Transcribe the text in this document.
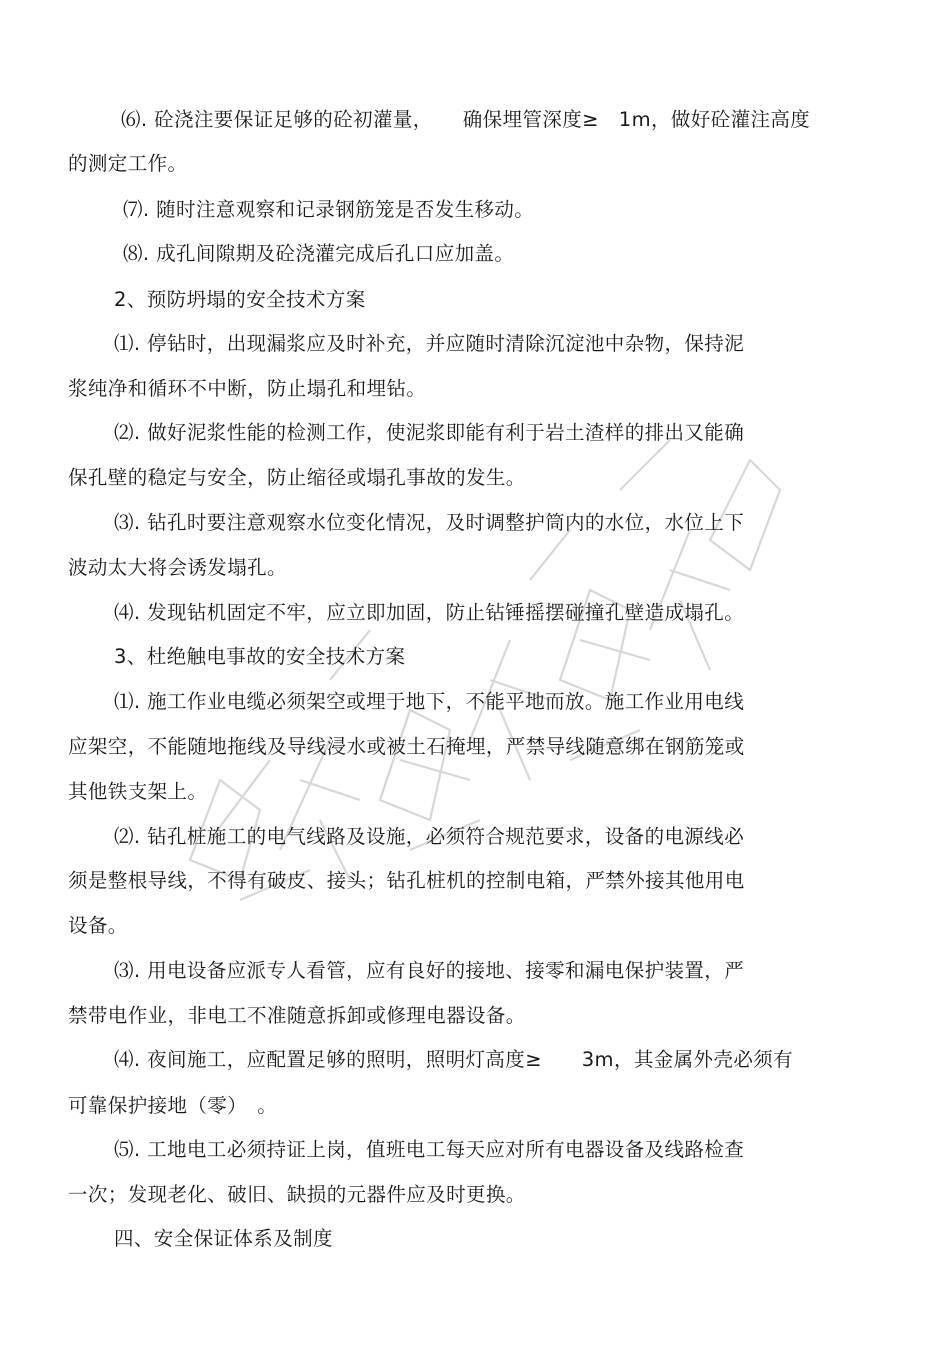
⑹. 砼浇注要保证足够的砼初灌量，　　确保埋管深度≥　1m，做好砼灌注高度
的测定工作。
⑺. 随时注意观察和记录钢筋笼是否发生移动。
⑻. 成孔间隙期及砼浇灌完成后孔口应加盖。
2、预防坍塌的安全技术方案
⑴. 停钻时，出现漏浆应及时补充，并应随时清除沉淀池中杂物，保持泥
浆纯净和循环不中断，防止塌孔和埋钻。
⑵. 做好泥浆性能的检测工作，使泥浆即能有利于岩土渣样的排出又能确
保孔壁的稳定与安全，防止缩径或塌孔事故的发生。
⑶. 钻孔时要注意观察水位变化情况，及时调整护筒内的水位，水位上下
波动太大将会诱发塌孔。
⑷. 发现钻机固定不牢，应立即加固，防止钻锤摇摆碰撞孔壁造成塌孔。
3、杜绝触电事故的安全技术方案
⑴. 施工作业电缆必须架空或埋于地下，不能平地而放。施工作业用电线
应架空，不能随地拖线及导线浸水或被土石掩埋，严禁导线随意绑在钢筋笼或
其他铁支架上。
⑵. 钻孔桩施工的电气线路及设施，必须符合规范要求，设备的电源线必
须是整根导线，不得有破皮、接头；钻孔桩机的控制电箱，严禁外接其他用电
设备。
⑶. 用电设备应派专人看管，应有良好的接地、接零和漏电保护装置，严
禁带电作业，非电工不准随意拆卸或修理电器设备。
⑷. 夜间施工，应配置足够的照明，照明灯高度≥　　3m，其金属外壳必须有
可靠保护接地（零）　。
⑸. 工地电工必须持证上岗，值班电工每天应对所有电器设备及线路检查
一次；发现老化、破旧、缺损的元器件应及时更换。
四、安全保证体系及制度
